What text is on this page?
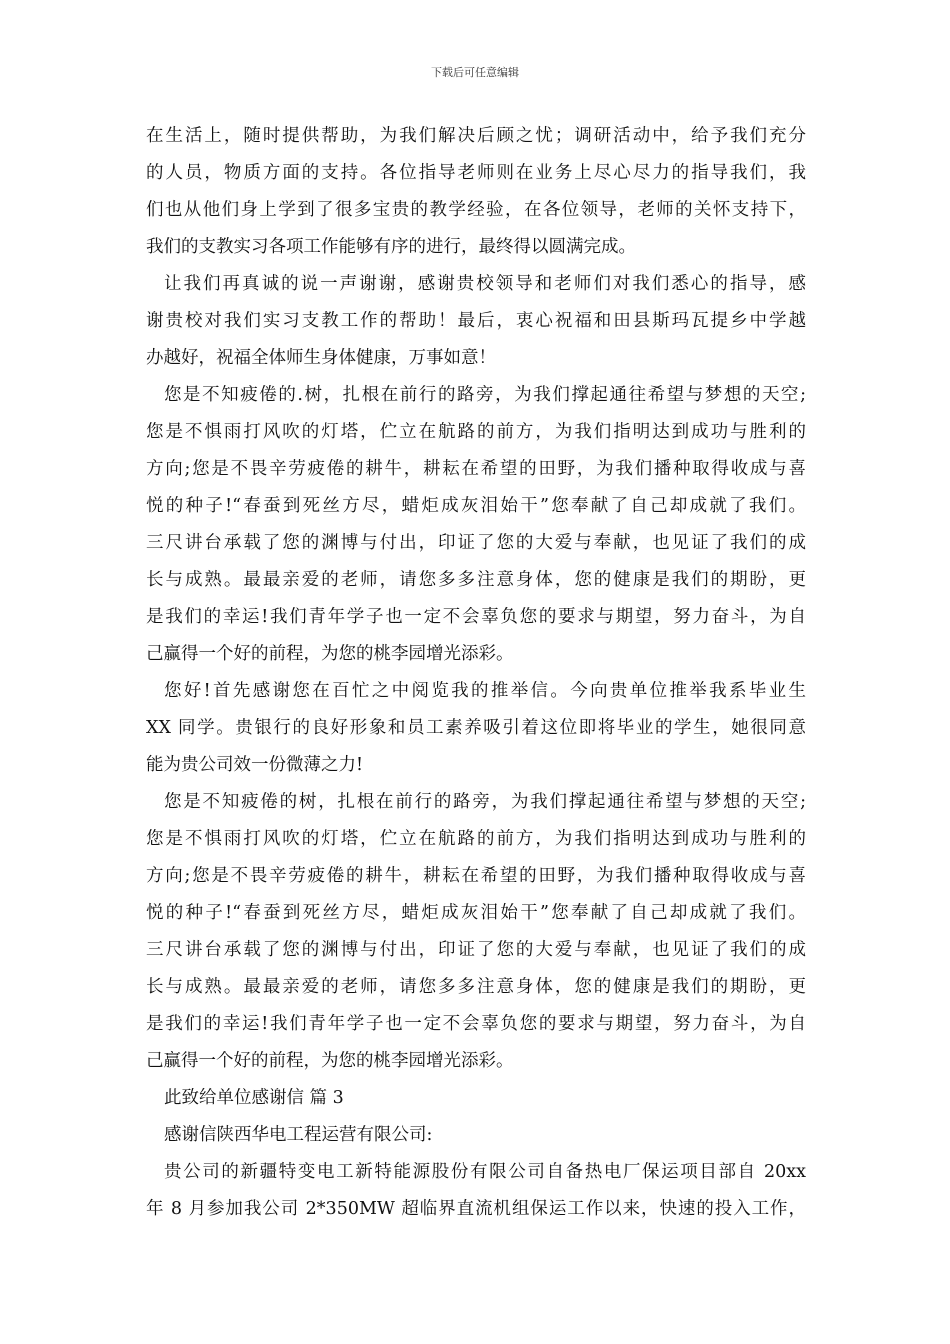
下载后可任意编辑
在生活上，随时提供帮助，为我们解决后顾之忧；调研活动中，给予我们充分
的人员，物质方面的支持。各位指导老师则在业务上尽心尽力的指导我们，我
们也从他们身上学到了很多宝贵的教学经验，在各位领导，老师的关怀支持下，
我们的支教实习各项工作能够有序的进行，最终得以圆满完成。
让我们再真诚的说一声谢谢，感谢贵校领导和老师们对我们悉心的指导，感
谢贵校对我们实习支教工作的帮助！最后，衷心祝福和田县斯玛瓦提乡中学越
办越好，祝福全体师生身体健康，万事如意！
您是不知疲倦的.树，扎根在前行的路旁，为我们撑起通往希望与梦想的天空;
您是不惧雨打风吹的灯塔，伫立在航路的前方，为我们指明达到成功与胜利的
方向;您是不畏辛劳疲倦的耕牛，耕耘在希望的田野，为我们播种取得收成与喜
悦的种子!“春蚕到死丝方尽，蜡炬成灰泪始干”您奉献了自己却成就了我们。
三尺讲台承载了您的渊博与付出，印证了您的大爱与奉献，也见证了我们的成
长与成熟。最最亲爱的老师，请您多多注意身体，您的健康是我们的期盼，更
是我们的幸运!我们青年学子也一定不会辜负您的要求与期望，努力奋斗，为自
己赢得一个好的前程，为您的桃李园增光添彩。
您好!首先感谢您在百忙之中阅览我的推举信。今向贵单位推举我系毕业生
XX 同学。贵银行的良好形象和员工素养吸引着这位即将毕业的学生，她很同意
能为贵公司效一份微薄之力!
您是不知疲倦的树，扎根在前行的路旁，为我们撑起通往希望与梦想的天空;
您是不惧雨打风吹的灯塔，伫立在航路的前方，为我们指明达到成功与胜利的
方向;您是不畏辛劳疲倦的耕牛，耕耘在希望的田野，为我们播种取得收成与喜
悦的种子!“春蚕到死丝方尽，蜡炬成灰泪始干”您奉献了自己却成就了我们。
三尺讲台承载了您的渊博与付出，印证了您的大爱与奉献，也见证了我们的成
长与成熟。最最亲爱的老师，请您多多注意身体，您的健康是我们的期盼，更
是我们的幸运!我们青年学子也一定不会辜负您的要求与期望，努力奋斗，为自
己赢得一个好的前程，为您的桃李园增光添彩。
此致给单位感谢信 篇 3
感谢信陕西华电工程运营有限公司:
贵公司的新疆特变电工新特能源股份有限公司自备热电厂保运项目部自 20xx
年 8 月参加我公司 2*350MW 超临界直流机组保运工作以来，快速的投入工作，
